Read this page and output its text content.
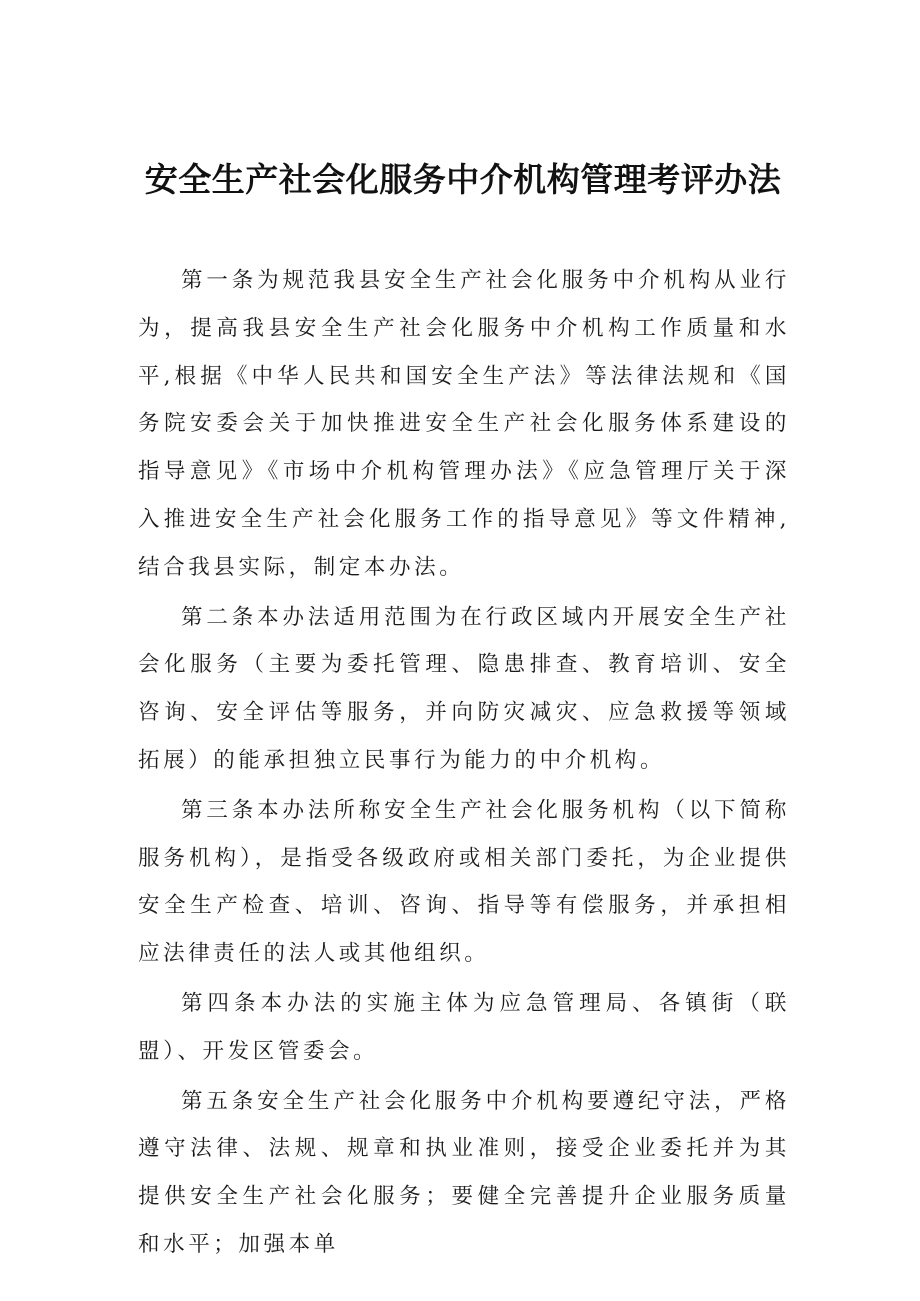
安全生产社会化服务中介机构管理考评办法

第一条为规范我县安全生产社会化服务中介机构从业行为，提高我县安全生产社会化服务中介机构工作质量和水平,根据《中华人民共和国安全生产法》等法律法规和《国务院安委会关于加快推进安全生产社会化服务体系建设的指导意见》《市场中介机构管理办法》《应急管理厅关于深入推进安全生产社会化服务工作的指导意见》等文件精神,结合我县实际，制定本办法。

第二条本办法适用范围为在行政区域内开展安全生产社会化服务（主要为委托管理、隐患排查、教育培训、安全咨询、安全评估等服务，并向防灾减灾、应急救援等领域拓展）的能承担独立民事行为能力的中介机构。

第三条本办法所称安全生产社会化服务机构（以下简称服务机构），是指受各级政府或相关部门委托，为企业提供安全生产检查、培训、咨询、指导等有偿服务，并承担相应法律责任的法人或其他组织。

第四条本办法的实施主体为应急管理局、各镇街（联盟）、开发区管委会。

第五条安全生产社会化服务中介机构要遵纪守法，严格遵守法律、法规、规章和执业准则，接受企业委托并为其提供安全生产社会化服务；要健全完善提升企业服务质量和水平；加强本单
